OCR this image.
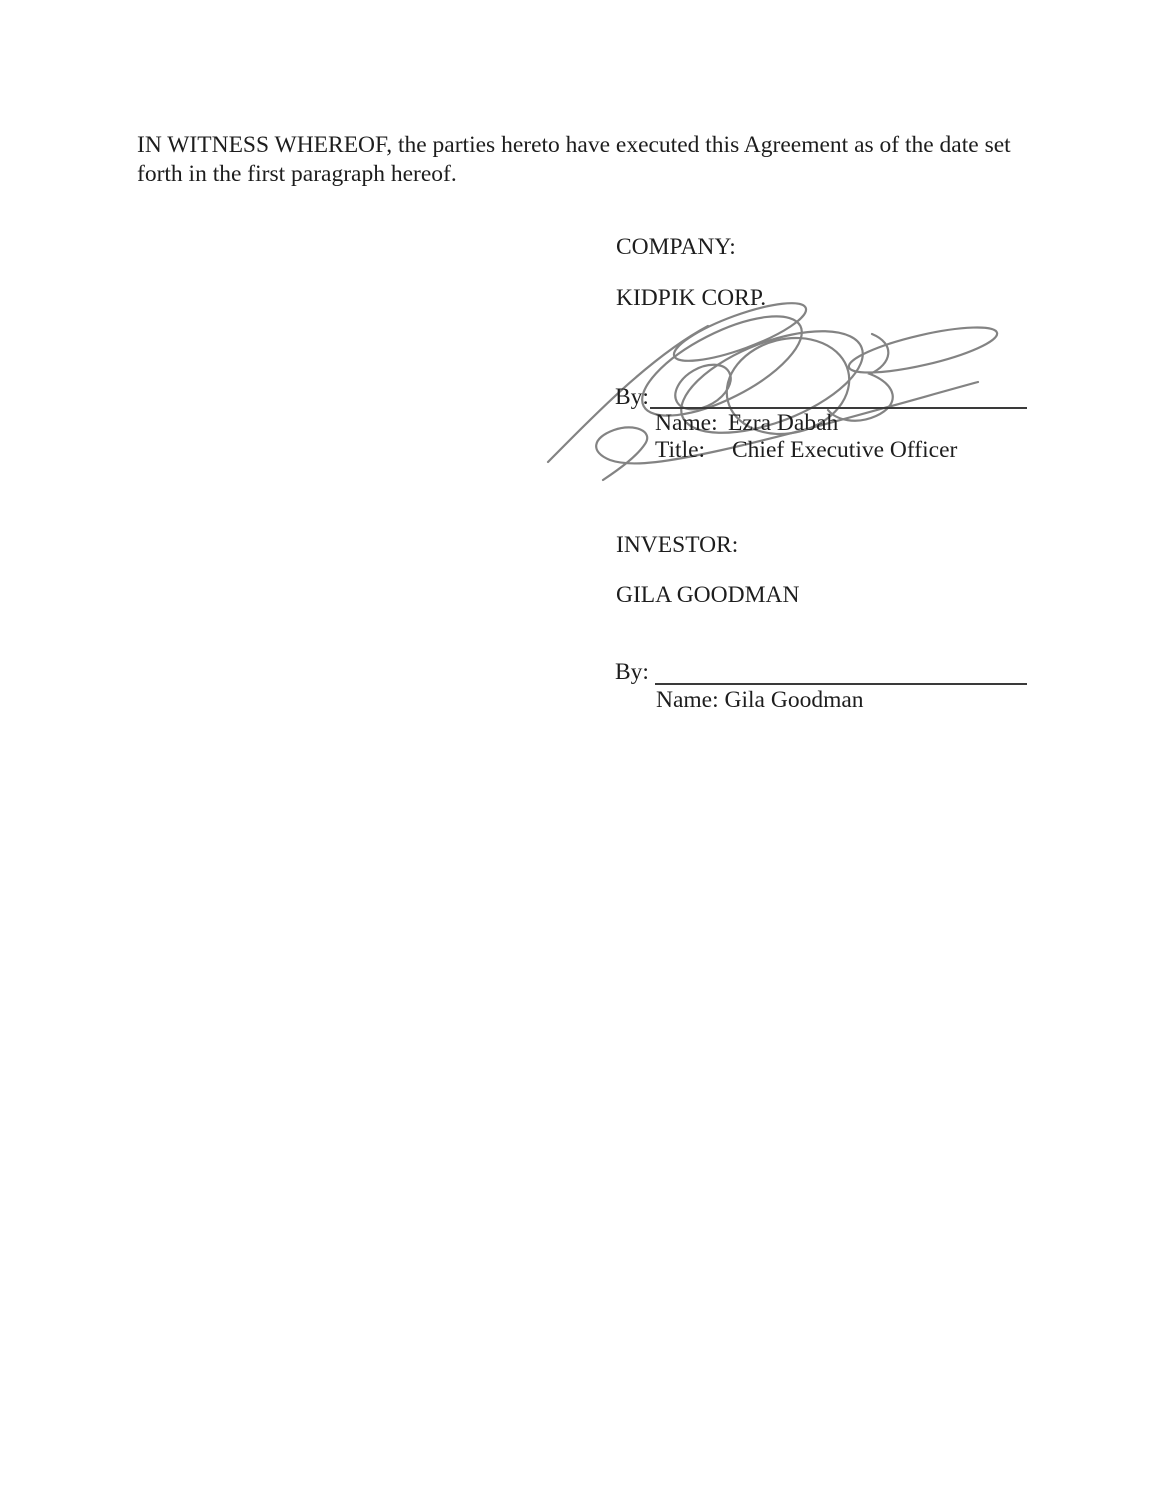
IN WITNESS WHEREOF, the parties hereto have executed this Agreement as of the date set
forth in the first paragraph hereof.

COMPANY:
KIDPIK CORP.
By:
Name: Ezra Dabah
Title: Chief Executive Officer
INVESTOR:
GILA GOODMAN
By:
Name: Gila Goodman
